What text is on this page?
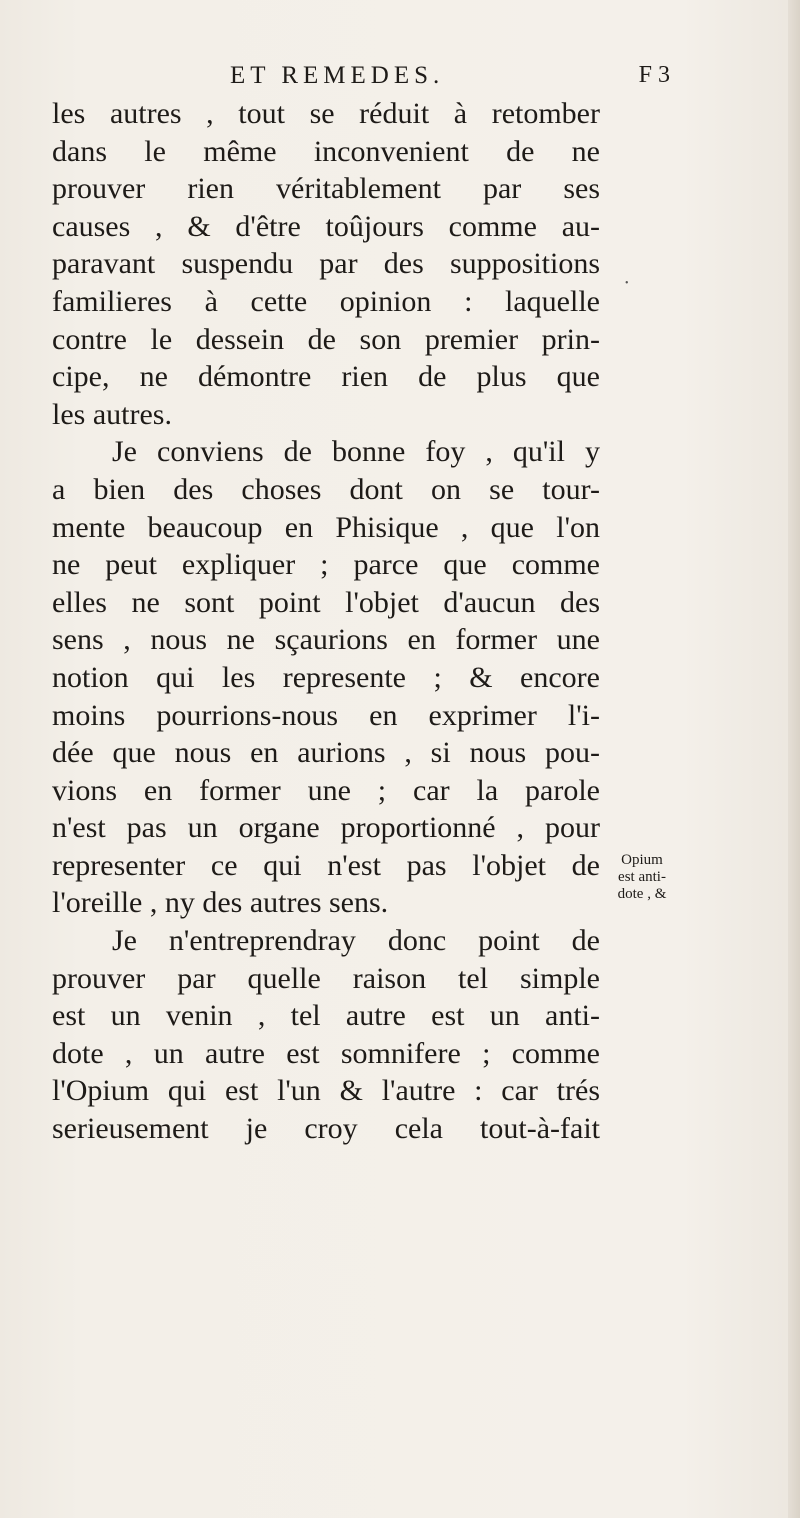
ET REMEDES.	F 3
les autres , tout se réduit à retomber
dans le même inconvenient de ne
prouver rien véritablement par ses
causes , & d'être toûjours comme au-
paravant suspendu par des suppositions
familieres à cette opinion : laquelle
contre le dessein de son premier prin-
cipe, ne démontre rien de plus que
les autres.
Je conviens de bonne foy , qu'il y
a bien des choses dont on se tour-
mente beaucoup en Phisique , que l'on
ne peut expliquer ; parce que comme
elles ne sont point l'objet d'aucun des
sens , nous ne sçaurions en former une
notion qui les represente ; & encore
moins pourrions-nous en exprimer l'i-
dée que nous en aurions , si nous pou-
vions en former une ; car la parole
n'est pas un organe proportionné , pour
representer ce qui n'est pas l'objet de
l'oreille , ny des autres sens.
Je n'entreprendray donc point de
prouver par quelle raison tel simple
est un venin , tel autre est un anti-
dote , un autre est somnifere ; comme
l'Opium qui est l'un & l'autre : car trés
serieusement je croy cela tout-à-fait
Opium
est anti-
dote , &
•
